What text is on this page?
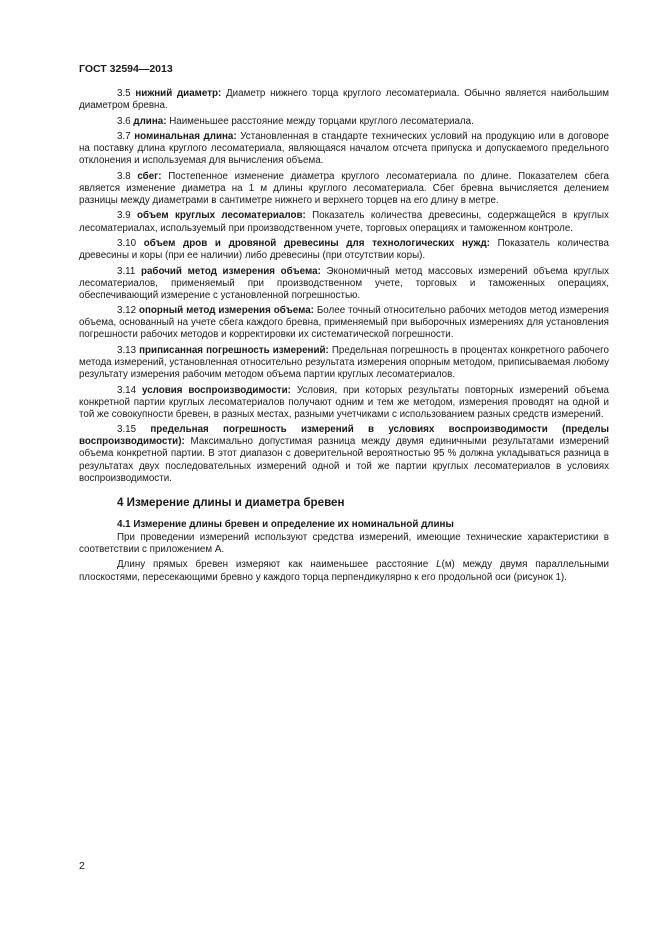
ГОСТ 32594—2013

3.5 нижний диаметр: Диаметр нижнего торца круглого лесоматериала. Обычно является наибольшим диаметром бревна.

3.6 длина: Наименьшее расстояние между торцами круглого лесоматериала.

3.7 номинальная длина: Установленная в стандарте технических условий на продукцию или в договоре на поставку длина круглого лесоматериала, являющаяся началом отсчета припуска и допускаемого предельного отклонения и используемая для вычисления объема.

3.8 сбег: Постепенное изменение диаметра круглого лесоматериала по длине. Показателем сбега является изменение диаметра на 1 м длины круглого лесоматериала. Сбег бревна вычисляется делением разницы между диаметрами в сантиметре нижнего и верхнего торцев на его длину в метре.

3.9 объем круглых лесоматериалов: Показатель количества древесины, содержащейся в круглых лесоматериалах, используемый при производственном учете, торговых операциях и таможенном контроле.

3.10 объем дров и дровяной древесины для технологических нужд: Показатель количества древесины и коры (при ее наличии) либо древесины (при отсутствии коры).

3.11 рабочий метод измерения объема: Экономичный метод массовых измерений объема круглых лесоматериалов, применяемый при производственном учете, торговых и таможенных операциях, обеспечивающий измерение с установленной погрешностью.

3.12 опорный метод измерения объема: Более точный относительно рабочих методов метод измерения объема, основанный на учете сбега каждого бревна, применяемый при выборочных измерениях для установления погрешности рабочих методов и корректировки их систематической погрешности.

3.13 приписанная погрешность измерений: Предельная погрешность в процентах конкретного рабочего метода измерений, установленная относительно результата измерения опорным методом, приписываемая любому результату измерения рабочим методом объема партии круглых лесоматериалов.

3.14 условия воспроизводимости: Условия, при которых результаты повторных измерений объема конкретной партии круглых лесоматериалов получают одним и тем же методом, измерения проводят на одной и той же совокупности бревен, в разных местах, разными учетчиками с использованием разных средств измерений.

3.15 предельная погрешность измерений в условиях воспроизводимости (пределы воспроизводимости): Максимально допустимая разница между двумя единичными результатами измерений объема конкретной партии. В этот диапазон с доверительной вероятностью 95 % должна укладываться разница в результатах двух последовательных измерений одной и той же партии круглых лесоматериалов в условиях воспроизводимости.

4 Измерение длины и диаметра бревен
4.1 Измерение длины бревен и определение их номинальной длины

При проведении измерений используют средства измерений, имеющие технические характеристики в соответствии с приложением А.

Длину прямых бревен измеряют как наименьшее расстояние L(м) между двумя параллельными плоскостями, пересекающими бревно у каждого торца перпендикулярно к его продольной оси (рисунок 1).

2
